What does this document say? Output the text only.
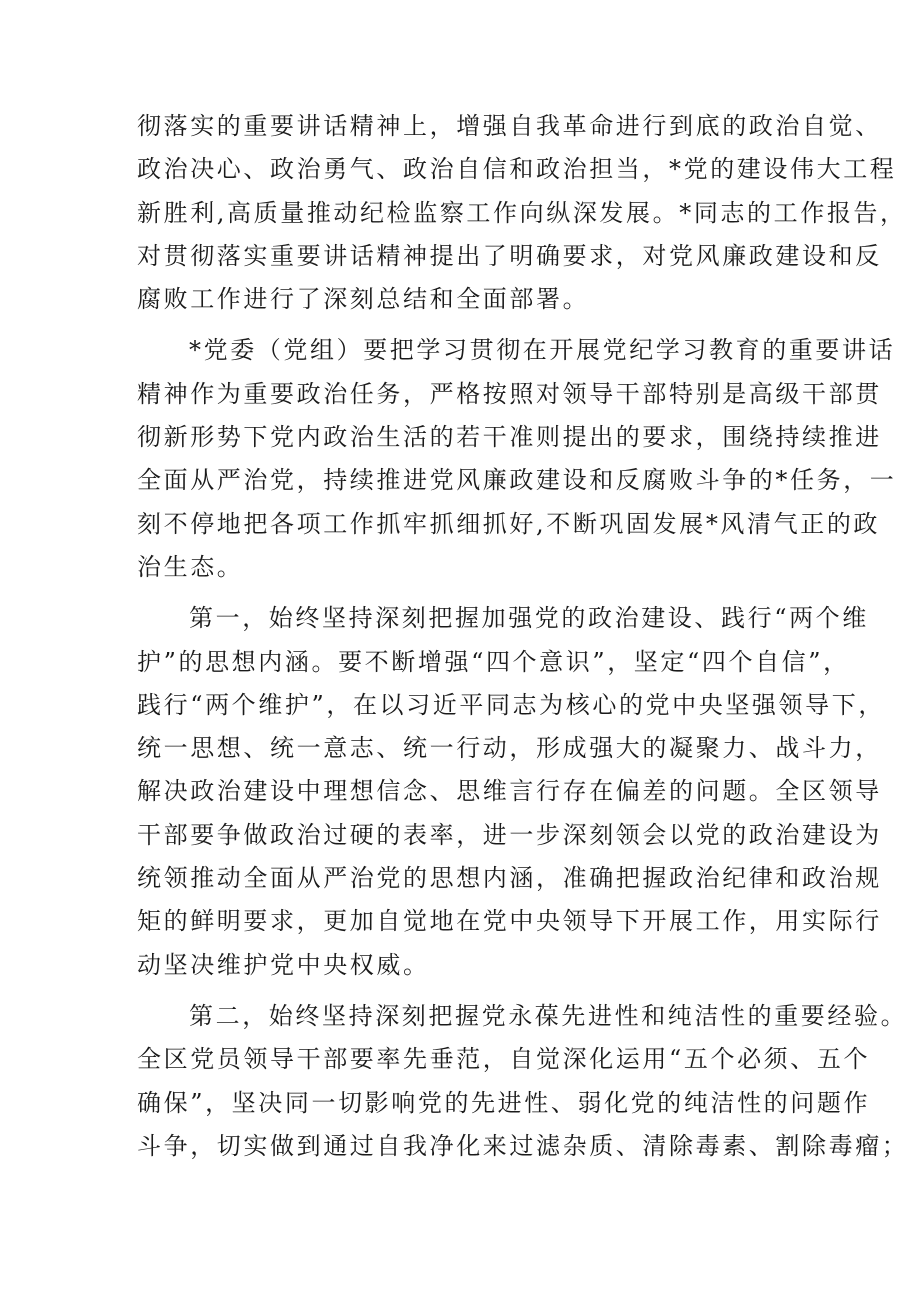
彻落实的重要讲话精神上，增强自我革命进行到底的政治自觉、
政治决心、政治勇气、政治自信和政治担当，*党的建设伟大工程
新胜利,高质量推动纪检监察工作向纵深发展。*同志的工作报告，
对贯彻落实重要讲话精神提出了明确要求，对党风廉政建设和反
腐败工作进行了深刻总结和全面部署。
*党委（党组）要把学习贯彻在开展党纪学习教育的重要讲话
精神作为重要政治任务，严格按照对领导干部特别是高级干部贯
彻新形势下党内政治生活的若干准则提出的要求，围绕持续推进
全面从严治党，持续推进党风廉政建设和反腐败斗争的*任务，一
刻不停地把各项工作抓牢抓细抓好,不断巩固发展*风清气正的政
治生态。
第一，始终坚持深刻把握加强党的政治建设、践行“两个维
护”的思想内涵。要不断增强“四个意识”，坚定“四个自信”，
践行“两个维护”，在以习近平同志为核心的党中央坚强领导下，
统一思想、统一意志、统一行动，形成强大的凝聚力、战斗力，
解决政治建设中理想信念、思维言行存在偏差的问题。全区领导
干部要争做政治过硬的表率，进一步深刻领会以党的政治建设为
统领推动全面从严治党的思想内涵，准确把握政治纪律和政治规
矩的鲜明要求，更加自觉地在党中央领导下开展工作，用实际行
动坚决维护党中央权威。
第二，始终坚持深刻把握党永葆先进性和纯洁性的重要经验。
全区党员领导干部要率先垂范，自觉深化运用“五个必须、五个
确保”，坚决同一切影响党的先进性、弱化党的纯洁性的问题作
斗争，切实做到通过自我净化来过滤杂质、清除毒素、割除毒瘤；
